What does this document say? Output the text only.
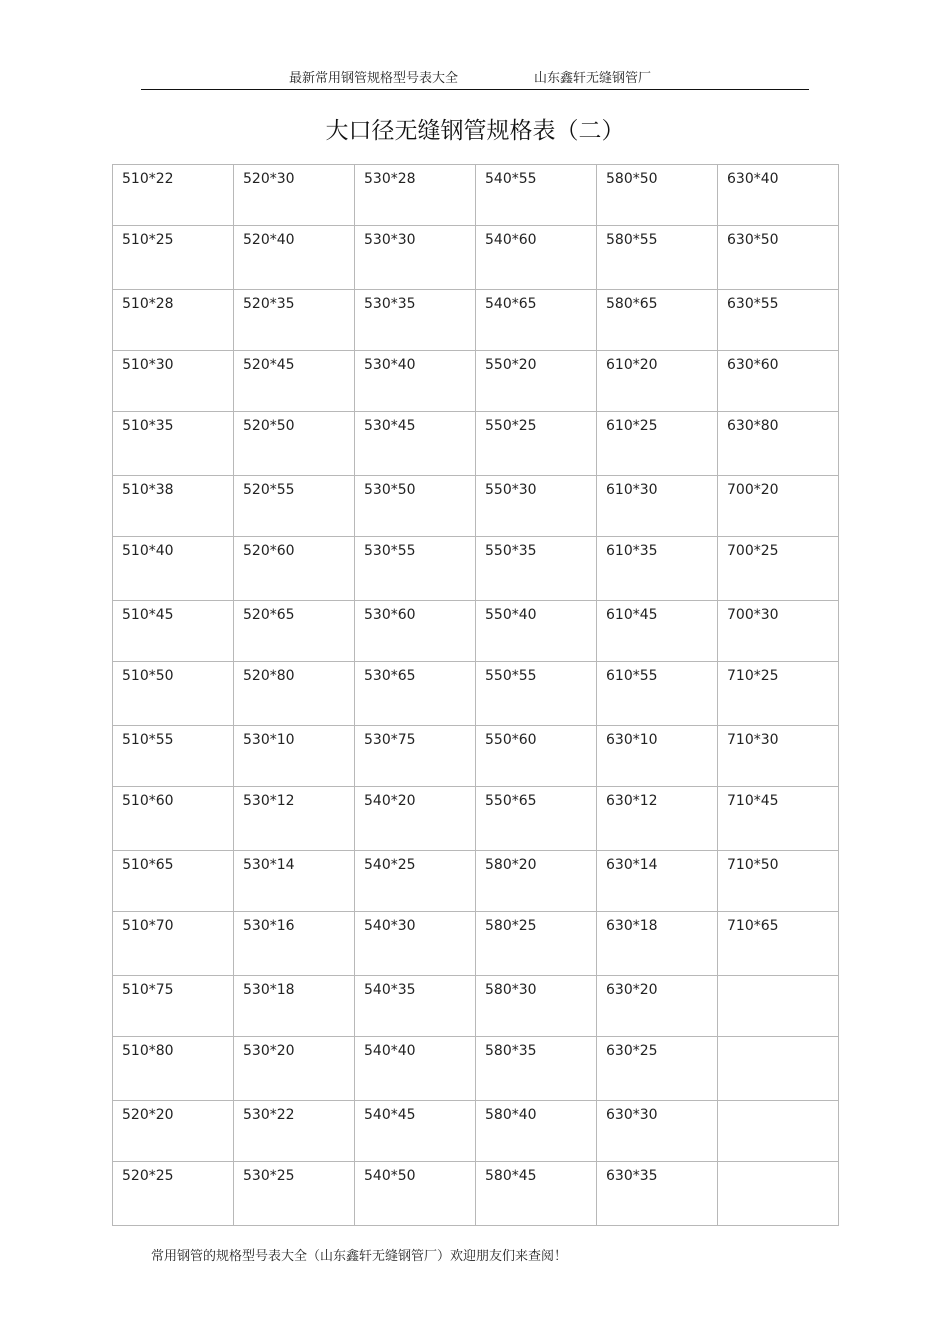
最新常用钢管规格型号表大全	山东鑫轩无缝钢管厂
大口径无缝钢管规格表（二）
510*22	520*30	530*28	540*55	580*50	630*40
510*25	520*40	530*30	540*60	580*55	630*50
510*28	520*35	530*35	540*65	580*65	630*55
510*30	520*45	530*40	550*20	610*20	630*60
510*35	520*50	530*45	550*25	610*25	630*80
510*38	520*55	530*50	550*30	610*30	700*20
510*40	520*60	530*55	550*35	610*35	700*25
510*45	520*65	530*60	550*40	610*45	700*30
510*50	520*80	530*65	550*55	610*55	710*25
510*55	530*10	530*75	550*60	630*10	710*30
510*60	530*12	540*20	550*65	630*12	710*45
510*65	530*14	540*25	580*20	630*14	710*50
510*70	530*16	540*30	580*25	630*18	710*65
510*75	530*18	540*35	580*30	630*20	
510*80	530*20	540*40	580*35	630*25	
520*20	530*22	540*45	580*40	630*30	
520*25	530*25	540*50	580*45	630*35	
常用钢管的规格型号表大全（山东鑫轩无缝钢管厂）欢迎朋友们来查阅！
